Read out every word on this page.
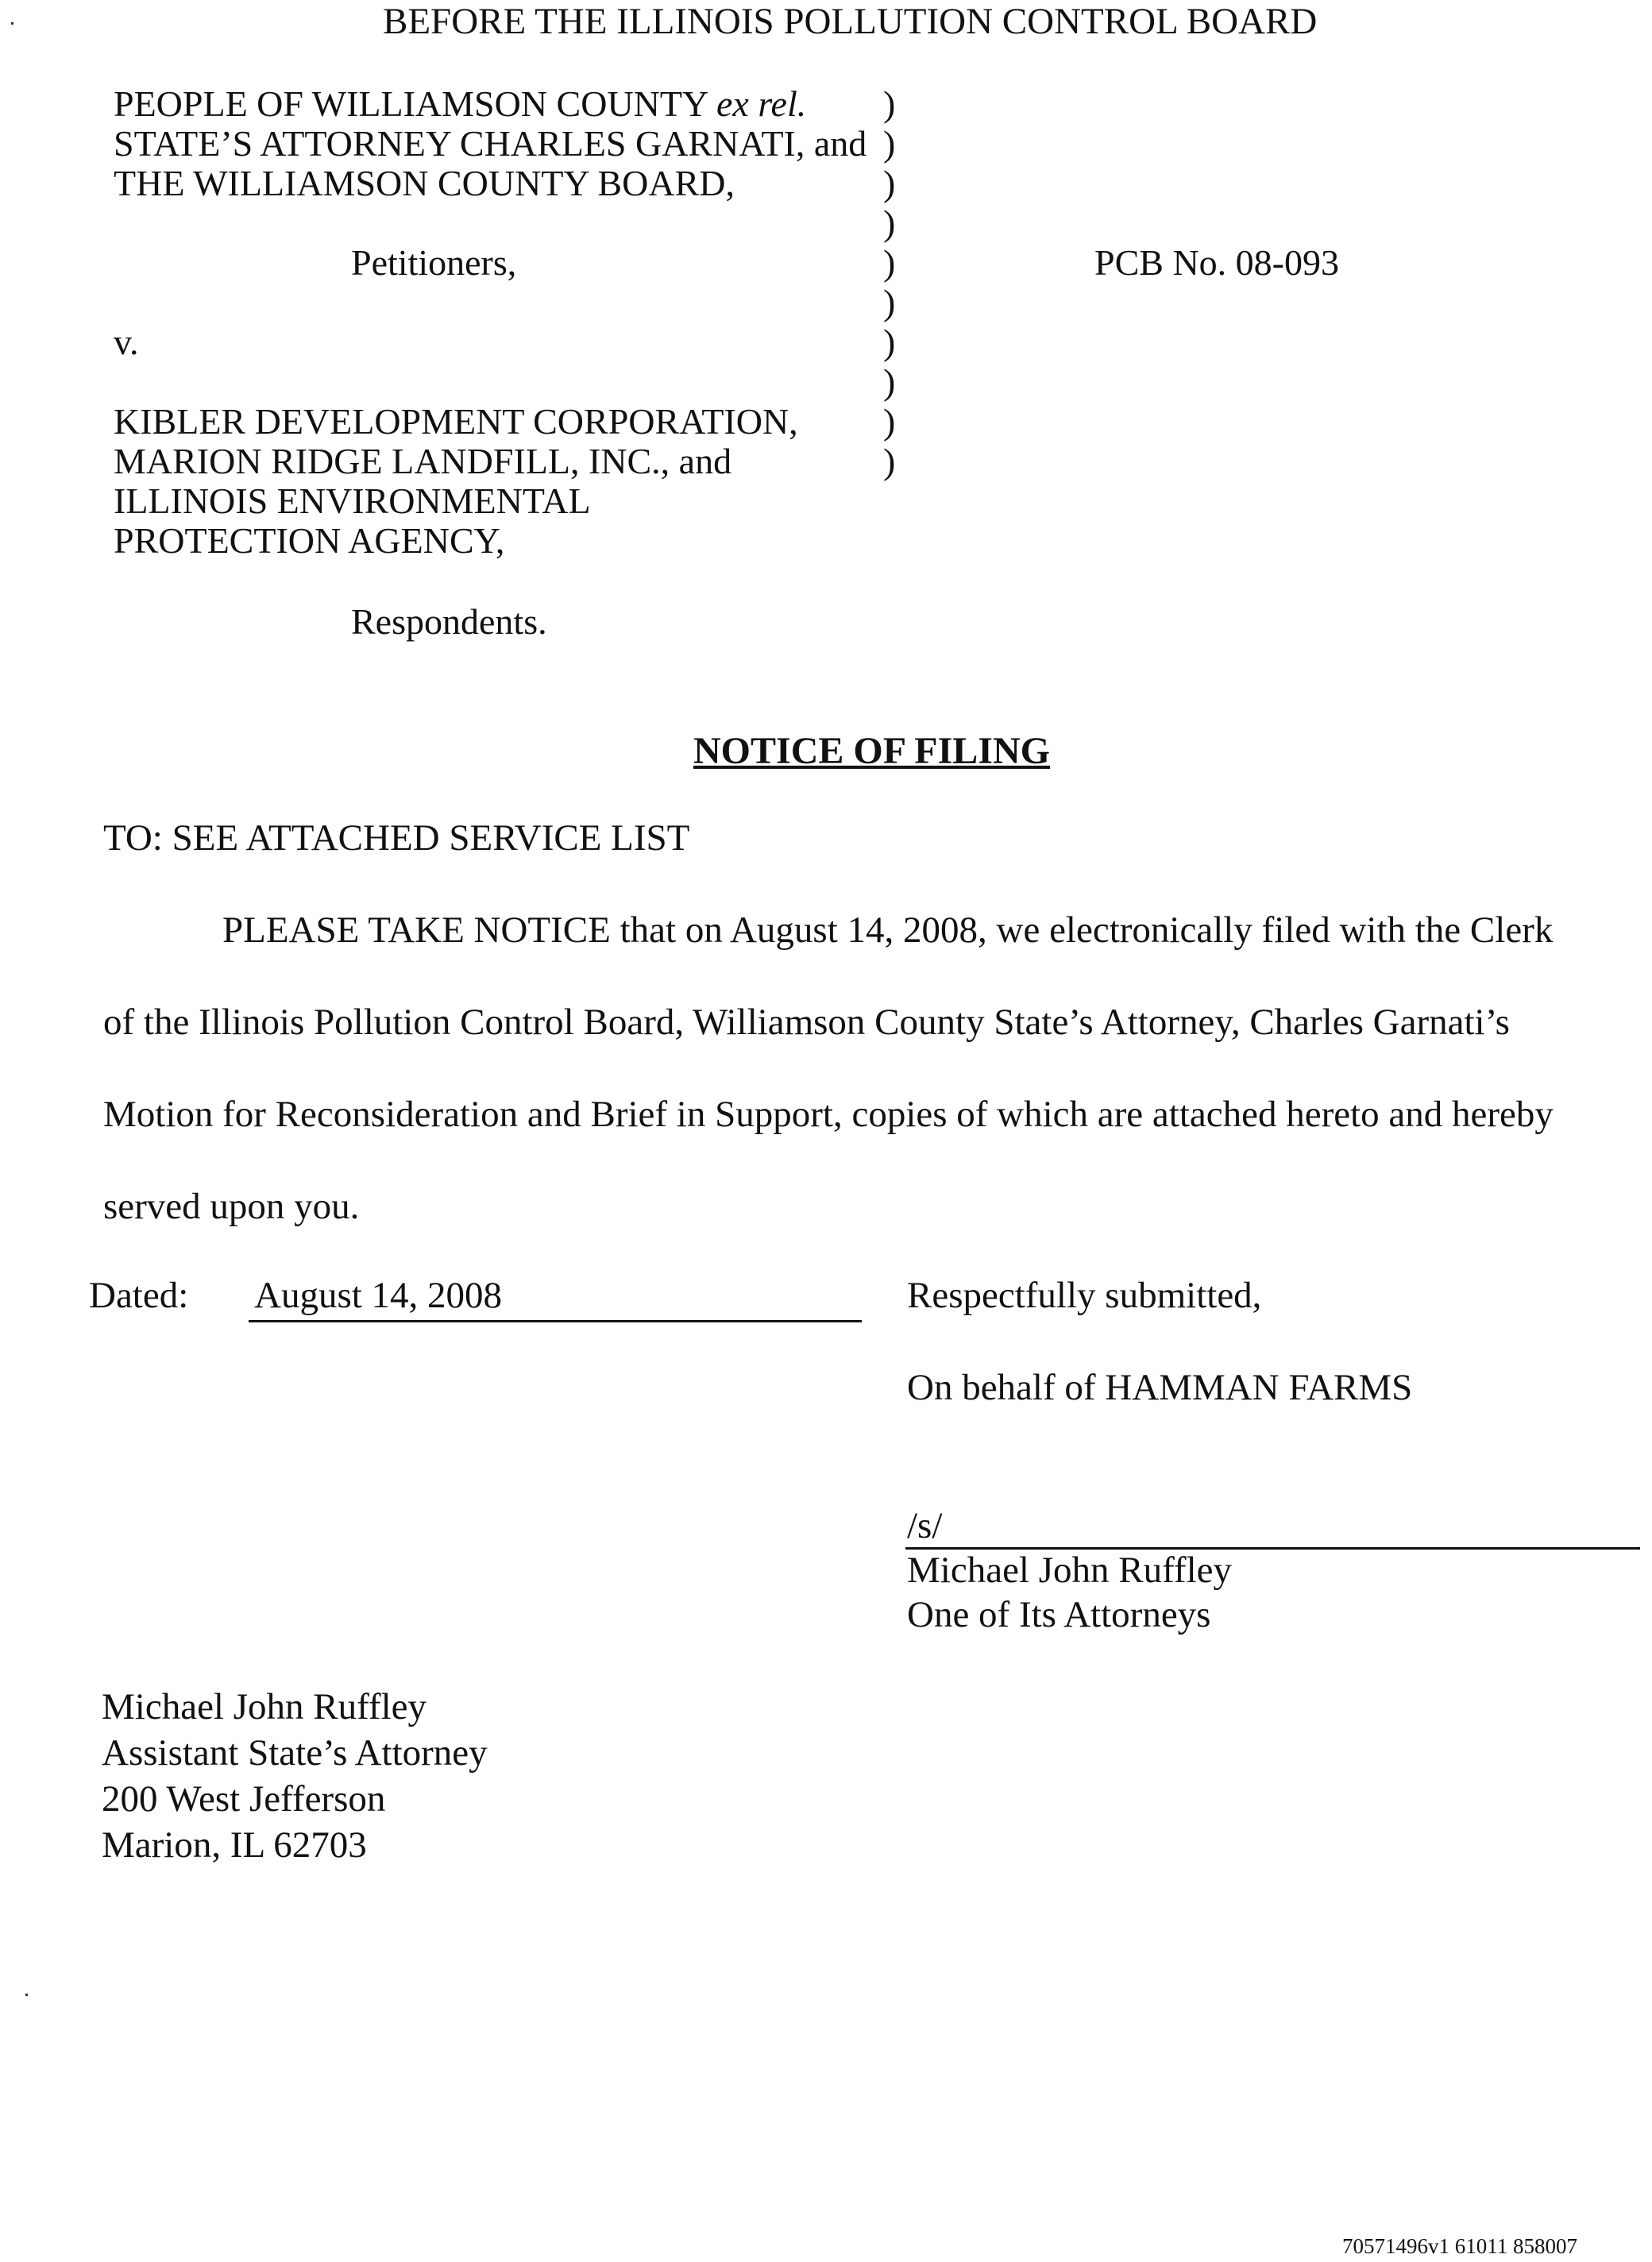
BEFORE THE ILLINOIS POLLUTION CONTROL BOARD
PEOPLE OF WILLIAMSON COUNTY ex rel.
STATE’S ATTORNEY CHARLES GARNATI, and
THE WILLIAMSON COUNTY BOARD,
Petitioners,
v.
KIBLER DEVELOPMENT CORPORATION,
MARION RIDGE LANDFILL, INC., and
ILLINOIS ENVIRONMENTAL
PROTECTION AGENCY,
Respondents.
)
)
)
)
)
)
)
)
)
)
PCB No. 08-093
NOTICE OF FILING
TO: SEE ATTACHED SERVICE LIST
PLEASE TAKE NOTICE that on August 14, 2008, we electronically filed with the Clerk
of the Illinois Pollution Control Board, Williamson County State’s Attorney, Charles Garnati’s
Motion for Reconsideration and Brief in Support, copies of which are attached hereto and hereby
served upon you.
Dated: August 14, 2008	Respectfully submitted,
On behalf of HAMMAN FARMS
/s/
Michael John Ruffley
One of Its Attorneys
Michael John Ruffley
Assistant State’s Attorney
200 West Jefferson
Marion, IL 62703
70571496v1 61011 858007
